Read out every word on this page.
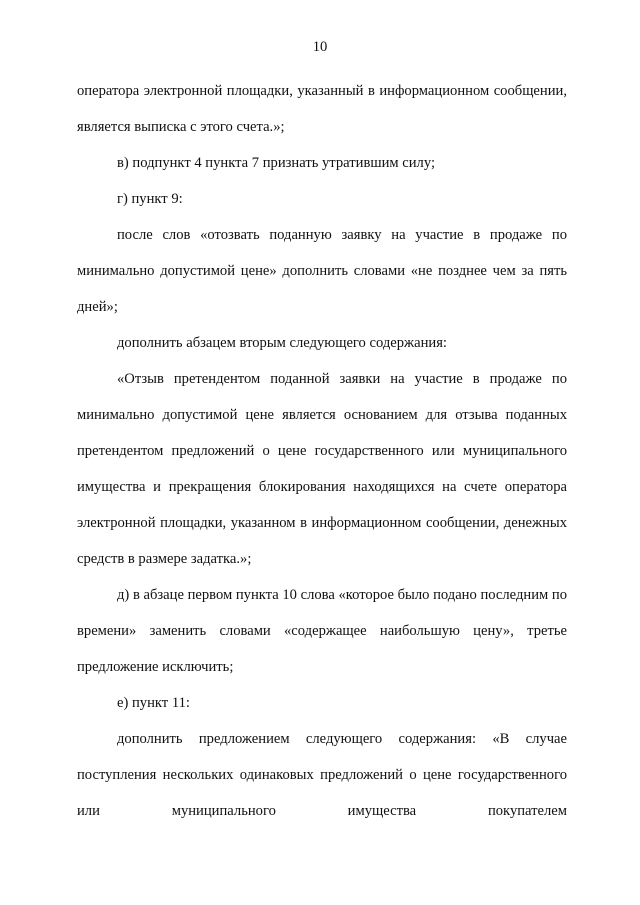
10

оператора электронной площадки, указанный в информационном сообщении, является выписка с этого счета.»;

в) подпункт 4 пункта 7 признать утратившим силу;

г) пункт 9:

после слов «отозвать поданную заявку на участие в продаже по минимально допустимой цене» дополнить словами «не позднее чем за пять дней»;

дополнить абзацем вторым следующего содержания:

«Отзыв претендентом поданной заявки на участие в продаже по минимально допустимой цене является основанием для отзыва поданных претендентом предложений о цене государственного или муниципального имущества и прекращения блокирования находящихся на счете оператора электронной площадки, указанном в информационном сообщении, денежных средств в размере задатка.»;

д) в абзаце первом пункта 10 слова «которое было подано последним по времени» заменить словами «содержащее наибольшую цену», третье предложение исключить;

е) пункт 11:

дополнить предложением следующего содержания: «В случае поступления нескольких одинаковых предложений о цене государственного или муниципального имущества покупателем
